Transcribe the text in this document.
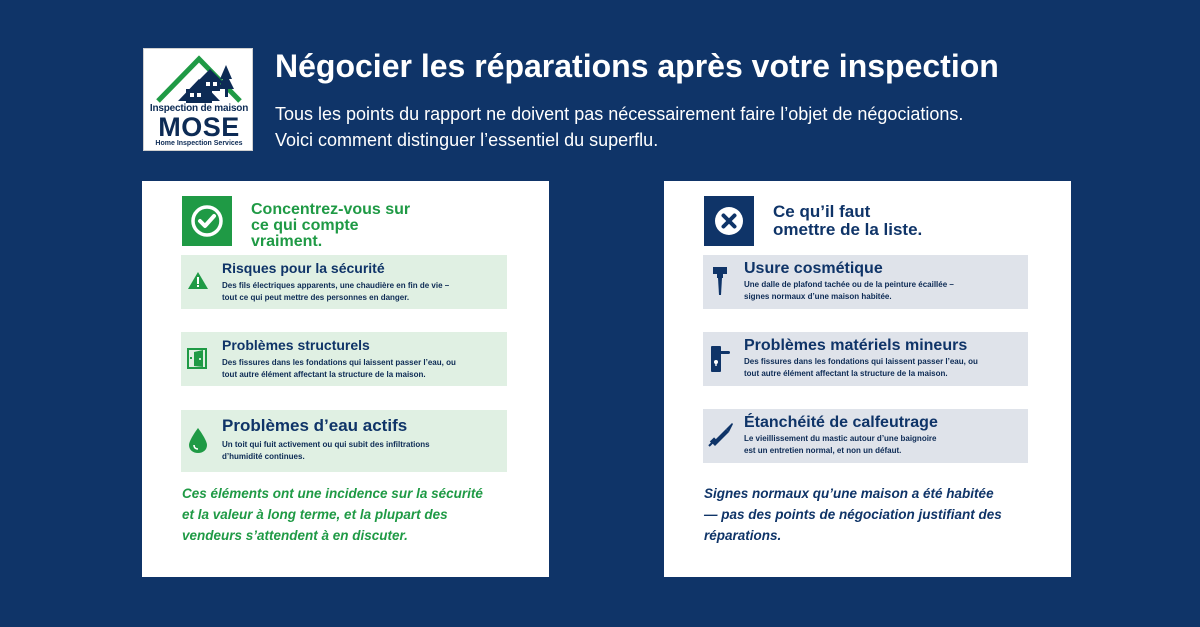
Inspection de maison
MOSE
Home Inspection Services
Négocier les réparations après votre inspection
Tous les points du rapport ne doivent pas nécessairement faire l’objet de négociations.
Voici comment distinguer l’essentiel du superflu.
Concentrez-vous sur
ce qui compte
vraiment.
Risques pour la sécurité
Des fils électriques apparents, une chaudière en fin de vie –
tout ce qui peut mettre des personnes en danger.
Problèmes structurels
Des fissures dans les fondations qui laissent passer l’eau, ou
tout autre élément affectant la structure de la maison.
Problèmes d’eau actifs
Un toit qui fuit activement ou qui subit des infiltrations
d’humidité continues.
Ces éléments ont une incidence sur la sécurité
et la valeur à long terme, et la plupart des
vendeurs s’attendent à en discuter.
Ce qu’il faut
omettre de la liste.
Usure cosmétique
Une dalle de plafond tachée ou de la peinture écaillée –
signes normaux d’une maison habitée.
Problèmes matériels mineurs
Des fissures dans les fondations qui laissent passer l’eau, ou
tout autre élément affectant la structure de la maison.
Étanchéité de calfeutrage
Le vieillissement du mastic autour d’une baignoire
est un entretien normal, et non un défaut.
Signes normaux qu’une maison a été habitée
— pas des points de négociation justifiant des
réparations.
